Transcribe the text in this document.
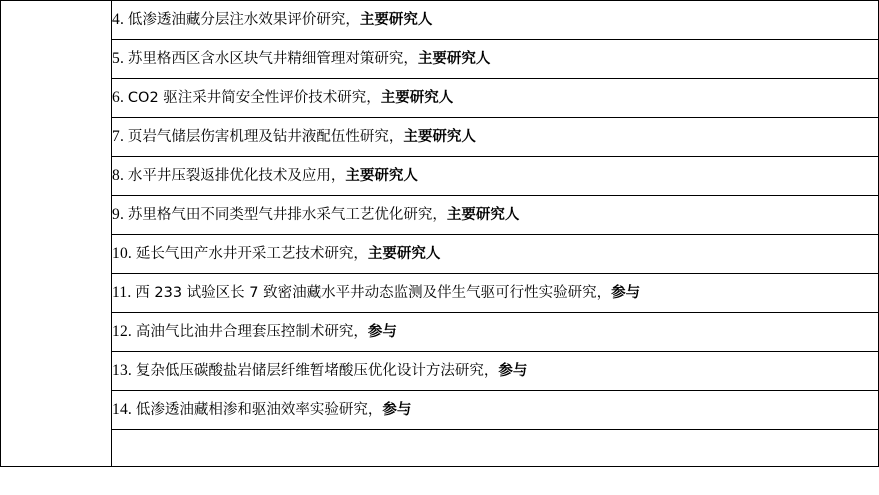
	4. 低渗透油藏分层注水效果评价研究，主要研究人
5. 苏里格西区含水区块气井精细管理对策研究，主要研究人
6. CO2 驱注采井简安全性评价技术研究，主要研究人
7. 页岩气储层伤害机理及钻井液配伍性研究，主要研究人
8. 水平井压裂返排优化技术及应用，主要研究人
9. 苏里格气田不同类型气井排水采气工艺优化研究，主要研究人
10. 延长气田产水井开采工艺技术研究，主要研究人
11. 西 233 试验区长 7 致密油藏水平井动态监测及伴生气驱可行性实验研究，参与
12. 高油气比油井合理套压控制术研究，参与
13. 复杂低压碳酸盐岩储层纤维暂堵酸压优化设计方法研究，参与
14. 低渗透油藏相渗和驱油效率实验研究，参与
